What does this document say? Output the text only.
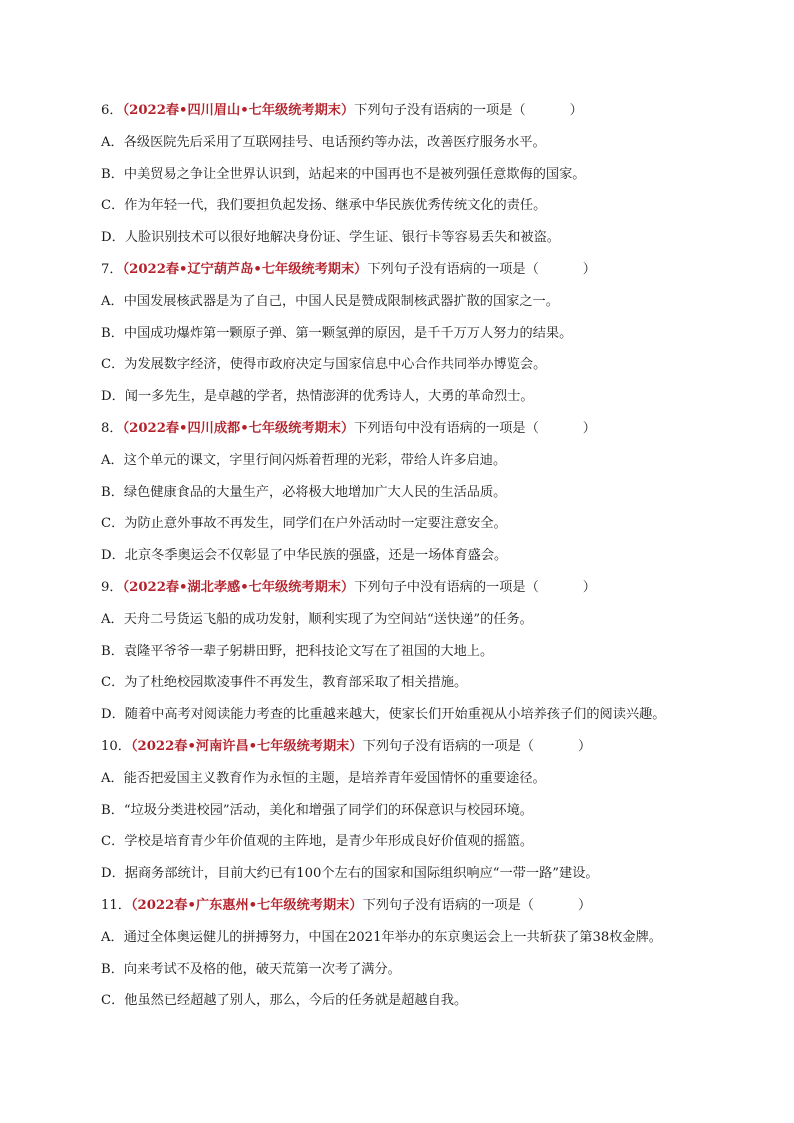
6．（2022春•四川眉山•七年级统考期末）下列句子没有语病的一项是（	）
A．各级医院先后采用了互联网挂号、电话预约等办法，改善医疗服务水平。
B．中美贸易之争让全世界认识到，站起来的中国再也不是被列强任意欺侮的国家。
C．作为年轻一代，我们要担负起发扬、继承中华民族优秀传统文化的责任。
D．人脸识别技术可以很好地解决身份证、学生证、银行卡等容易丢失和被盗。
7．（2022春•辽宁葫芦岛•七年级统考期末）下列句子没有语病的一项是（	）
A．中国发展核武器是为了自己，中国人民是赞成限制核武器扩散的国家之一。
B．中国成功爆炸第一颗原子弹、第一颗氢弹的原因，是千千万万人努力的结果。
C．为发展数字经济，使得市政府决定与国家信息中心合作共同举办博览会。
D．闻一多先生，是卓越的学者，热情澎湃的优秀诗人，大勇的革命烈士。
8．（2022春•四川成都•七年级统考期末）下列语句中没有语病的一项是（	）
A．这个单元的课文，字里行间闪烁着哲理的光彩，带给人许多启迪。
B．绿色健康食品的大量生产，必将极大地增加广大人民的生活品质。
C．为防止意外事故不再发生，同学们在户外活动时一定要注意安全。
D．北京冬季奥运会不仅彰显了中华民族的强盛，还是一场体育盛会。
9．（2022春•湖北孝感•七年级统考期末）下列句子中没有语病的一项是（	）
A．天舟二号货运飞船的成功发射，顺利实现了为空间站“送快递”的任务。
B．袁隆平爷爷一辈子躬耕田野，把科技论文写在了祖国的大地上。
C．为了杜绝校园欺凌事件不再发生，教育部采取了相关措施。
D．随着中高考对阅读能力考查的比重越来越大，使家长们开始重视从小培养孩子们的阅读兴趣。
10．（2022春•河南许昌•七年级统考期末）下列句子没有语病的一项是（	）
A．能否把爱国主义教育作为永恒的主题，是培养青年爱国情怀的重要途径。
B．“垃圾分类进校园”活动，美化和增强了同学们的环保意识与校园环境。
C．学校是培育青少年价值观的主阵地，是青少年形成良好价值观的摇篮。
D．据商务部统计，目前大约已有100个左右的国家和国际组织响应“一带一路”建设。
11．（2022春•广东惠州•七年级统考期末）下列句子没有语病的一项是（	）
A．通过全体奥运健儿的拼搏努力，中国在2021年举办的东京奥运会上一共斩获了第38枚金牌。
B．向来考试不及格的他，破天荒第一次考了满分。
C．他虽然已经超越了别人，那么，今后的任务就是超越自我。
